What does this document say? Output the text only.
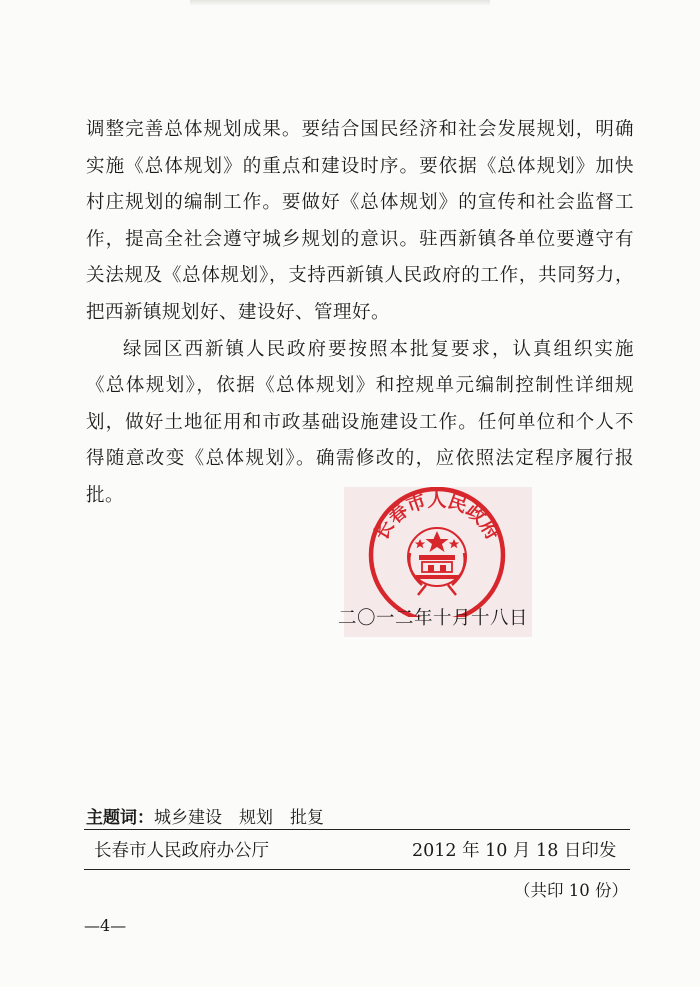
调整完善总体规划成果。要结合国民经济和社会发展规划，明确实施《总体规划》的重点和建设时序。要依据《总体规划》加快村庄规划的编制工作。要做好《总体规划》的宣传和社会监督工作，提高全社会遵守城乡规划的意识。驻西新镇各单位要遵守有关法规及《总体规划》，支持西新镇人民政府的工作，共同努力，把西新镇规划好、建设好、管理好。

绿园区西新镇人民政府要按照本批复要求，认真组织实施《总体规划》，依据《总体规划》和控规单元编制控制性详细规划，做好土地征用和市政基础设施建设工作。任何单位和个人不得随意改变《总体规划》。确需修改的，应依照法定程序履行报批。

长春市人民政府
二〇一二年十月十八日
主题词：城乡建设　规划　批复
长春市人民政府办公厅	2012 年 10 月 18 日印发
（共印 10 份）
—4—
